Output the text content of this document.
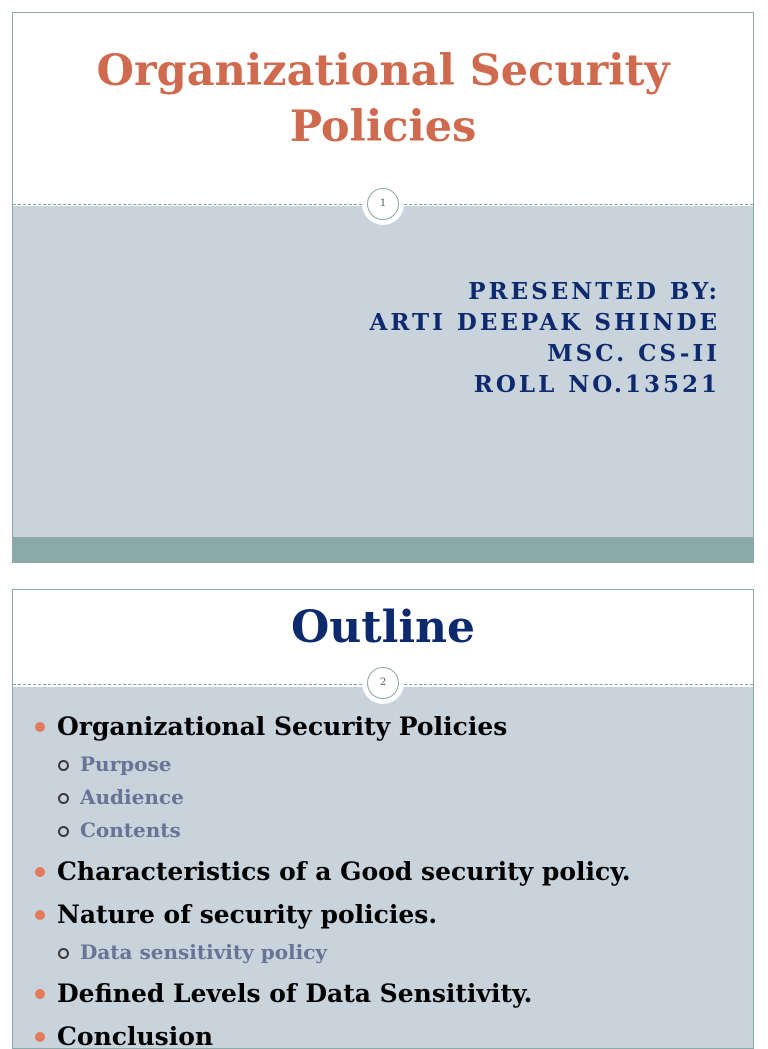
Organizational Security
Policies
PRESENTED BY:
ARTI DEEPAK SHINDE
MSC. CS-II
ROLL NO.13521
1
Outline
2
Organizational Security Policies
Purpose
Audience
Contents
Characteristics of a Good security policy.
Nature of security policies.
Data sensitivity policy
Defined Levels of Data Sensitivity.
Conclusion
